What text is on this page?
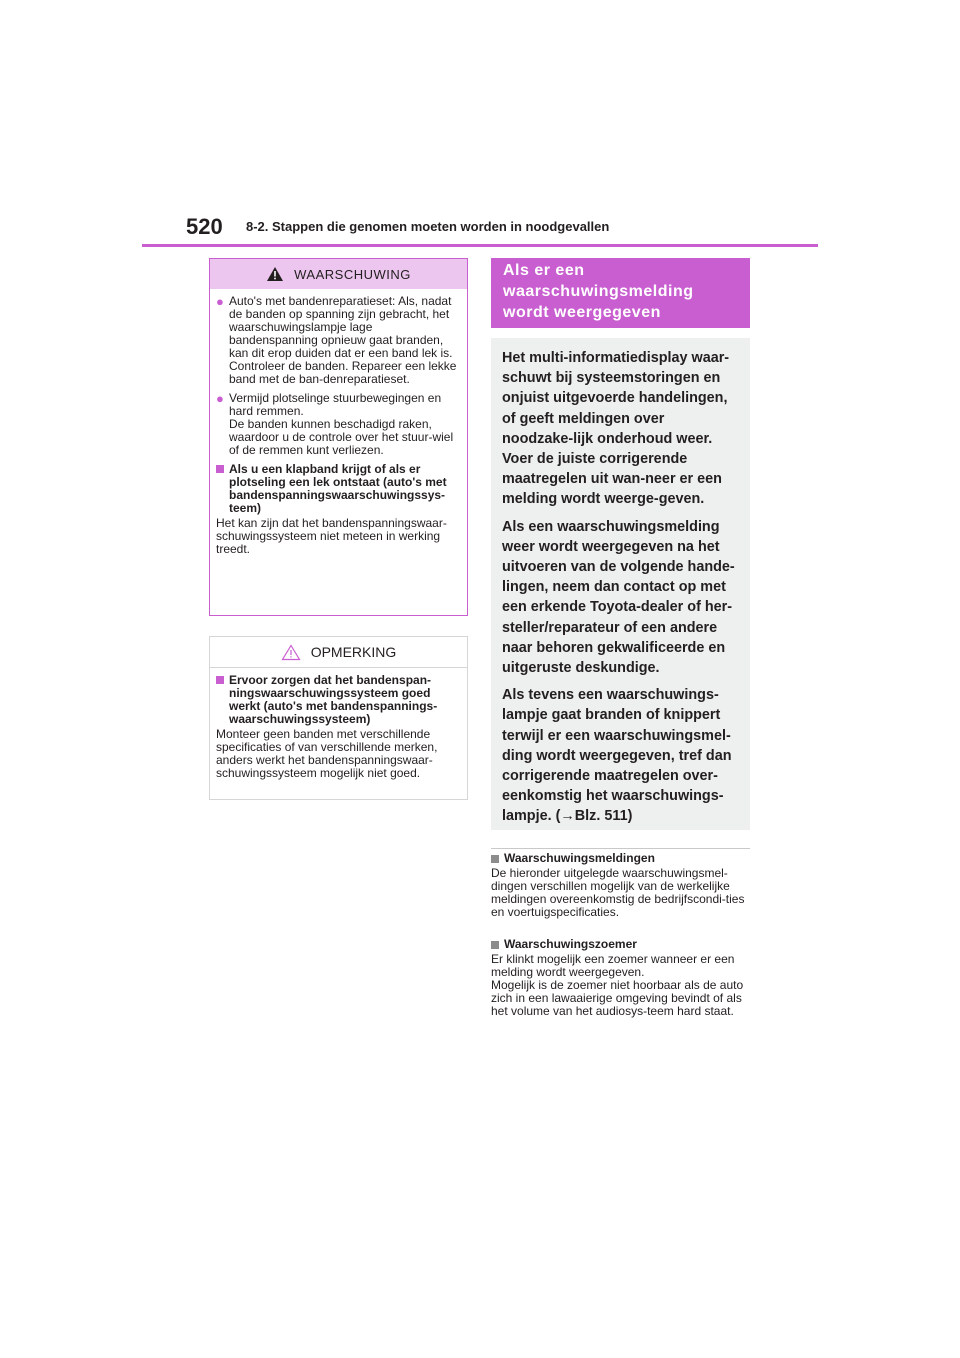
520 8-2. Stappen die genomen moeten worden in noodgevallen
WAARSCHUWING
● Auto's met bandenreparatieset: Als, nadat de banden op spanning zijn gebracht, het waarschuwingslampje lage bandenspanning opnieuw gaat branden, kan dit erop duiden dat er een band lek is. Controleer de banden. Repareer een lekke band met de ban-denreparatieset.
● Vermijd plotselinge stuurbewegingen en hard remmen.
De banden kunnen beschadigd raken, waardoor u de controle over het stuur-wiel of de remmen kunt verliezen.
Als u een klapband krijgt of als er plotseling een lek ontstaat (auto's met bandenspanningswaarschuwingssys-teem)

Het kan zijn dat het bandenspanningswaar-schuwingssysteem niet meteen in werking treedt.

OPMERKING
Ervoor zorgen dat het bandenspan-ningswaarschuwingssysteem goed werkt (auto's met bandenspannings-waarschuwingssysteem)

Monteer geen banden met verschillende specificaties of van verschillende merken, anders werkt het bandenspanningswaar-schuwingssysteem mogelijk niet goed.

Als er een waarschuwingsmelding wordt weergegeven

Het multi-informatiedisplay waar-schuwt bij systeemstoringen en onjuist uitgevoerde handelingen, of geeft meldingen over noodzake-lijk onderhoud weer. Voer de juiste corrigerende maatregelen uit wan-neer er een melding wordt weerge-geven.

Als een waarschuwingsmelding weer wordt weergegeven na het uitvoeren van de volgende hande-lingen, neem dan contact op met een erkende Toyota-dealer of her-steller/reparateur of een andere naar behoren gekwalificeerde en uitgeruste deskundige.

Als tevens een waarschuwings-lampje gaat branden of knippert terwijl er een waarschuwingsmel-ding wordt weergegeven, tref dan corrigerende maatregelen over-eenkomstig het waarschuwings-lampje. (→Blz. 511)

Waarschuwingsmeldingen

De hieronder uitgelegde waarschuwingsmel-dingen verschillen mogelijk van de werkelijke meldingen overeenkomstig de bedrijfscondi-ties en voertuigspecificaties.

Waarschuwingszoemer

Er klinkt mogelijk een zoemer wanneer er een melding wordt weergegeven.

Mogelijk is de zoemer niet hoorbaar als de auto zich in een lawaaierige omgeving bevindt of als het volume van het audiosys-teem hard staat.
